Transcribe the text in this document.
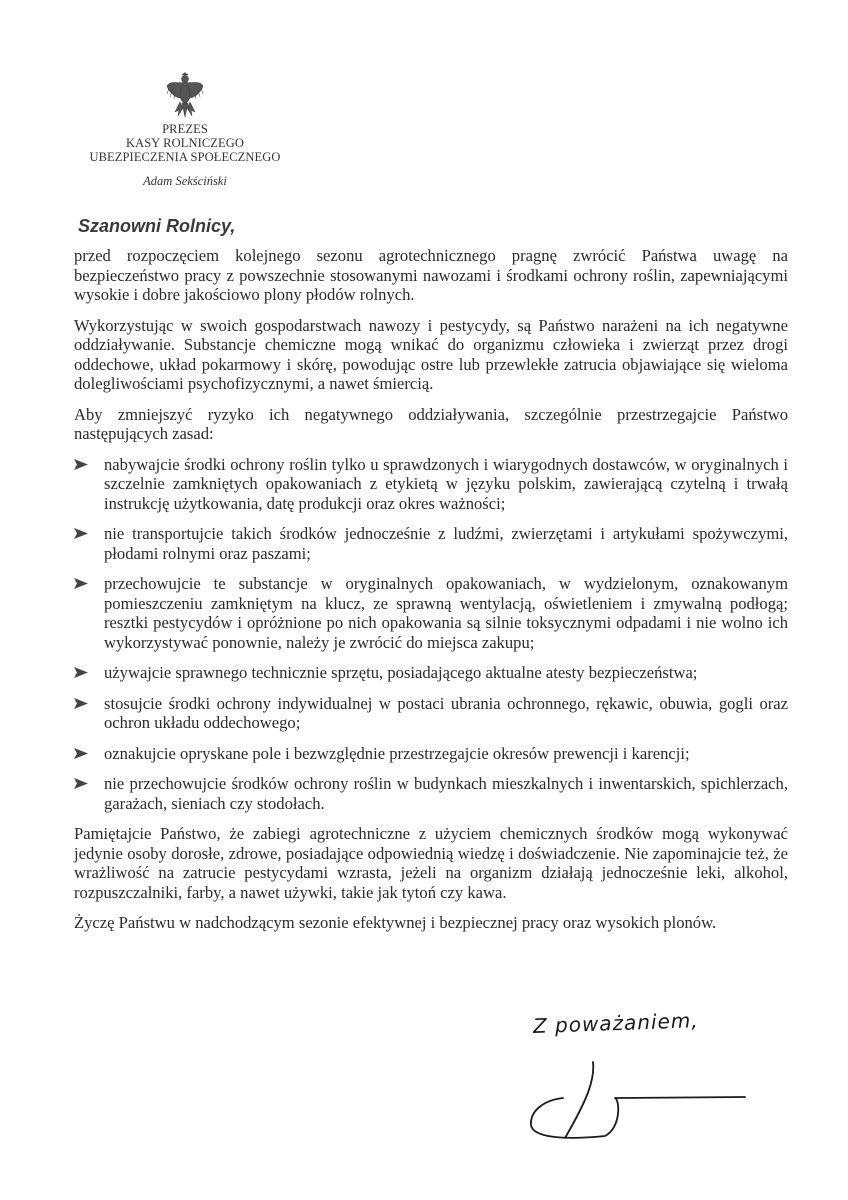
PREZES
KASY ROLNICZEGO
UBEZPIECZENIA SPOŁECZNEGO
Adam Sekściński
Szanowni Rolnicy,

przed rozpoczęciem kolejnego sezonu agrotechnicznego pragnę zwrócić Państwa uwagę na bezpieczeństwo pracy z powszechnie stosowanymi nawozami i środkami ochrony roślin, zapewniającymi wysokie i dobre jakościowo plony płodów rolnych.

Wykorzystując w swoich gospodarstwach nawozy i pestycydy, są Państwo narażeni na ich negatywne oddziaływanie. Substancje chemiczne mogą wnikać do organizmu człowieka i zwierząt przez drogi oddechowe, układ pokarmowy i skórę, powodując ostre lub przewlekłe zatrucia objawiające się wieloma dolegliwościami psychofizycznymi, a nawet śmiercią.

Aby zmniejszyć ryzyko ich negatywnego oddziaływania, szczególnie przestrzegajcie Państwo następujących zasad:

nabywajcie środki ochrony roślin tylko u sprawdzonych i wiarygodnych dostawców, w oryginalnych i szczelnie zamkniętych opakowaniach z etykietą w języku polskim, zawierającą czytelną i trwałą instrukcję użytkowania, datę produkcji oraz okres ważności;
nie transportujcie takich środków jednocześnie z ludźmi, zwierzętami i artykułami spożywczymi, płodami rolnymi oraz paszami;
przechowujcie te substancje w oryginalnych opakowaniach, w wydzielonym, oznakowanym pomieszczeniu zamkniętym na klucz, ze sprawną wentylacją, oświetleniem i zmywalną podłogą; resztki pestycydów i opróżnione po nich opakowania są silnie toksycznymi odpadami i nie wolno ich wykorzystywać ponownie, należy je zwrócić do miejsca zakupu;
używajcie sprawnego technicznie sprzętu, posiadającego aktualne atesty bezpieczeństwa;
stosujcie środki ochrony indywidualnej w postaci ubrania ochronnego, rękawic, obuwia, gogli oraz ochron układu oddechowego;
oznakujcie opryskane pole i bezwzględnie przestrzegajcie okresów prewencji i karencji;
nie przechowujcie środków ochrony roślin w budynkach mieszkalnych i inwentarskich, spichlerzach, garażach, sieniach czy stodołach.

Pamiętajcie Państwo, że zabiegi agrotechniczne z użyciem chemicznych środków mogą wykonywać jedynie osoby dorosłe, zdrowe, posiadające odpowiednią wiedzę i doświadczenie. Nie zapominajcie też, że wrażliwość na zatrucie pestycydami wzrasta, jeżeli na organizm działają jednocześnie leki, alkohol, rozpuszczalniki, farby, a nawet używki, takie jak tytoń czy kawa.

Życzę Państwu w nadchodzącym sezonie efektywnej i bezpiecznej pracy oraz wysokich plonów.

Z poważaniem,
